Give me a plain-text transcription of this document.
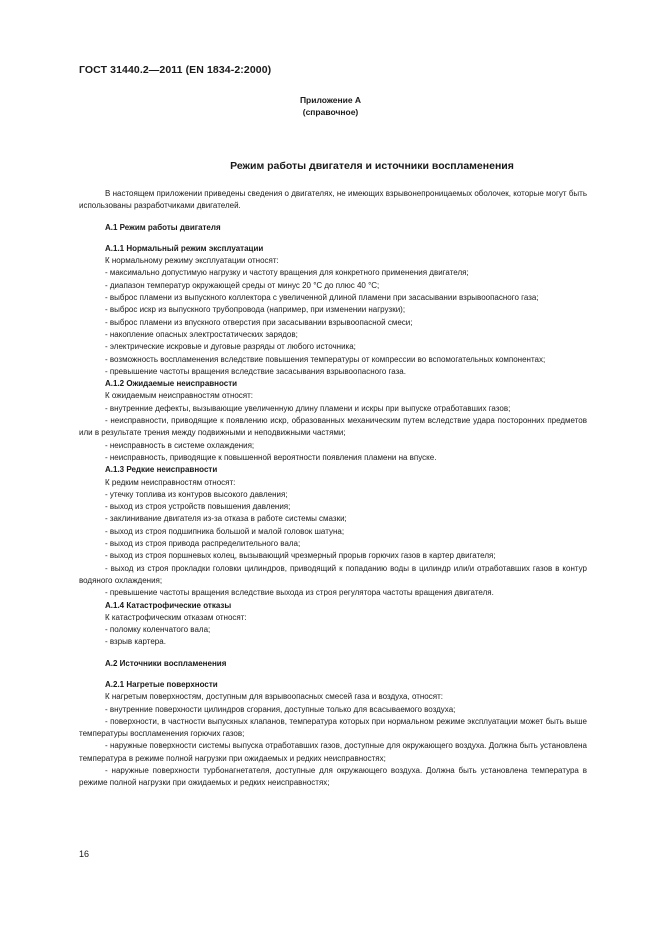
ГОСТ 31440.2—2011 (EN 1834-2:2000)
Приложение А
(справочное)
Режим работы двигателя и источники воспламенения

В настоящем приложении приведены сведения о двигателях, не имеющих взрывонепроницаемых оболочек, которые могут быть использованы разработчиками двигателей.

А.1 Режим работы двигателя

А.1.1 Нормальный режим эксплуатации

К нормальному режиму эксплуатации относят:

- максимально допустимую нагрузку и частоту вращения для конкретного применения двигателя;

- диапазон температур окружающей среды от минус 20 °С до плюс 40 °С;

- выброс пламени из выпускного коллектора с увеличенной длиной пламени при засасывании взрывоопасного газа;

- выброс искр из выпускного трубопровода (например, при изменении нагрузки);

- выброс пламени из впускного отверстия при засасывании взрывоопасной смеси;

- накопление опасных электростатических зарядов;

- электрические искровые и дуговые разряды от любого источника;

- возможность воспламенения вследствие повышения температуры от компрессии во вспомогательных компонентах;

- превышение частоты вращения вследствие засасывания взрывоопасного газа.

А.1.2 Ожидаемые неисправности

К ожидаемым неисправностям относят:

- внутренние дефекты, вызывающие увеличенную длину пламени и искры при выпуске отработавших газов;

- неисправности, приводящие к появлению искр, образованных механическим путем вследствие удара посторонних предметов или в результате трения между подвижными и неподвижными частями;

- неисправность в системе охлаждения;

- неисправность, приводящие к повышенной вероятности появления пламени на впуске.

А.1.3 Редкие неисправности

К редким неисправностям относят:

- утечку топлива из контуров высокого давления;

- выход из строя устройств повышения давления;

- заклинивание двигателя из-за отказа в работе системы смазки;

- выход из строя подшипника большой и малой головок шатуна;

- выход из строя привода распределительного вала;

- выход из строя поршневых колец, вызывающий чрезмерный прорыв горючих газов в картер двигателя;

- выход из строя прокладки головки цилиндров, приводящий к попаданию воды в цилиндр или/и отработавших газов в контур водяного охлаждения;

- превышение частоты вращения вследствие выхода из строя регулятора частоты вращения двигателя.

А.1.4 Катастрофические отказы

К катастрофическим отказам относят:

- поломку коленчатого вала;

- взрыв картера.

А.2 Источники воспламенения

А.2.1 Нагретые поверхности

К нагретым поверхностям, доступным для взрывоопасных смесей газа и воздуха, относят:

- внутренние поверхности цилиндров сгорания, доступные только для всасываемого воздуха;

- поверхности, в частности выпускных клапанов, температура которых при нормальном режиме эксплуатации может быть выше температуры воспламенения горючих газов;

- наружные поверхности системы выпуска отработавших газов, доступные для окружающего воздуха. Должна быть установлена температура в режиме полной нагрузки при ожидаемых и редких неисправностях;

- наружные поверхности турбонагнетателя, доступные для окружающего воздуха. Должна быть установлена температура в режиме полной нагрузки при ожидаемых и редких неисправностях;

16
